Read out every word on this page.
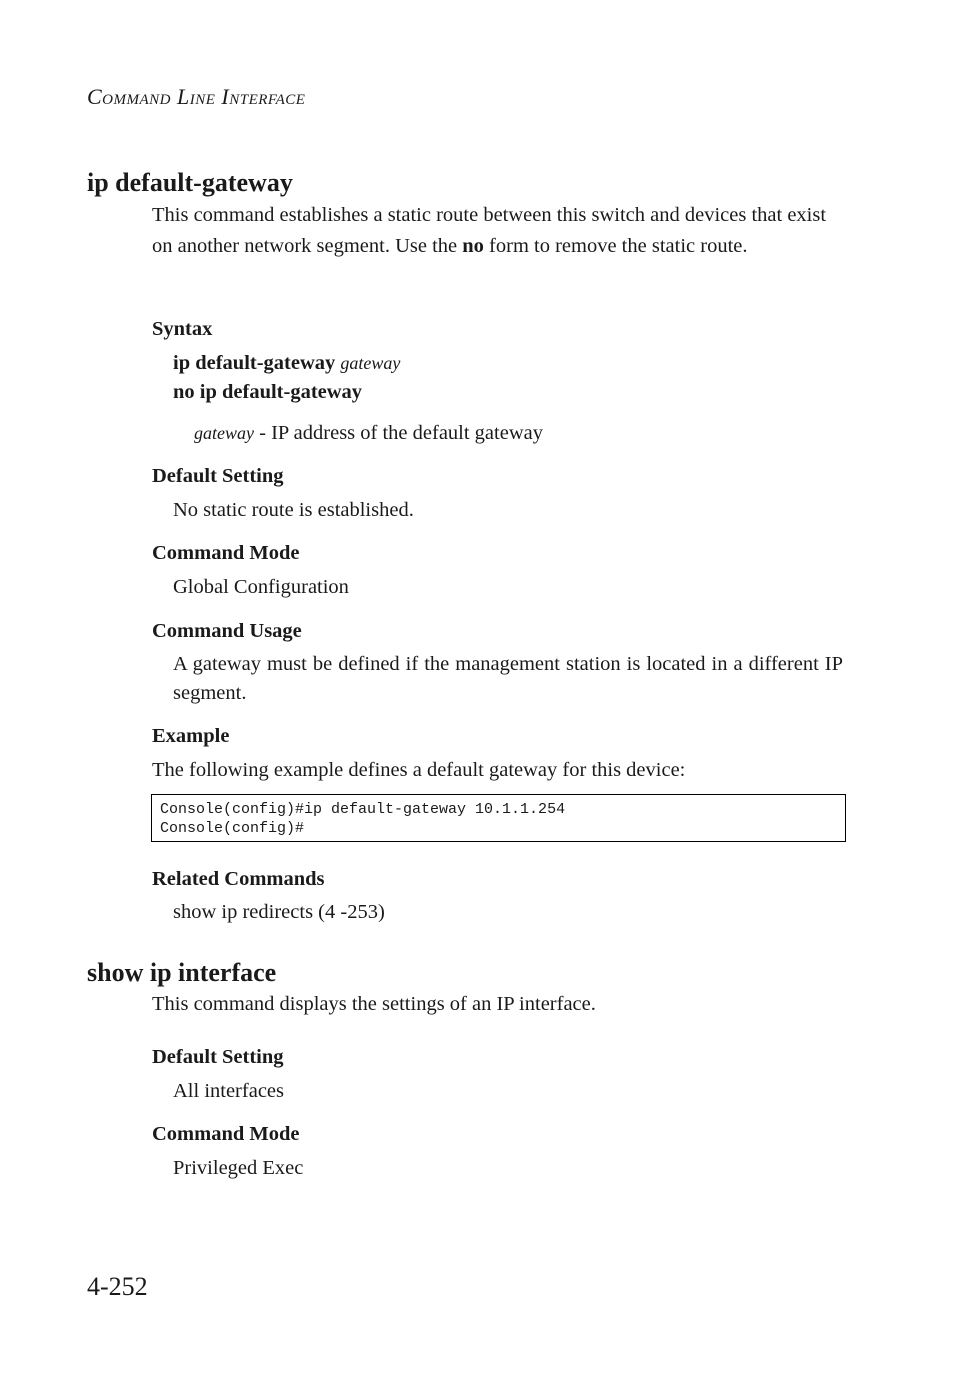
Command Line Interface
ip default-gateway
This command establishes a static route between this switch and devices that exist on another network segment. Use the no form to remove the static route.
Syntax
ip default-gateway gateway
no ip default-gateway
gateway - IP address of the default gateway
Default Setting
No static route is established.
Command Mode
Global Configuration
Command Usage
A gateway must be defined if the management station is located in a different IP segment.
Example
The following example defines a default gateway for this device:
Console(config)#ip default-gateway 10.1.1.254
Console(config)#
Related Commands
show ip redirects (4 -253)
show ip interface
This command displays the settings of an IP interface.
Default Setting
All interfaces
Command Mode
Privileged Exec
4-252
